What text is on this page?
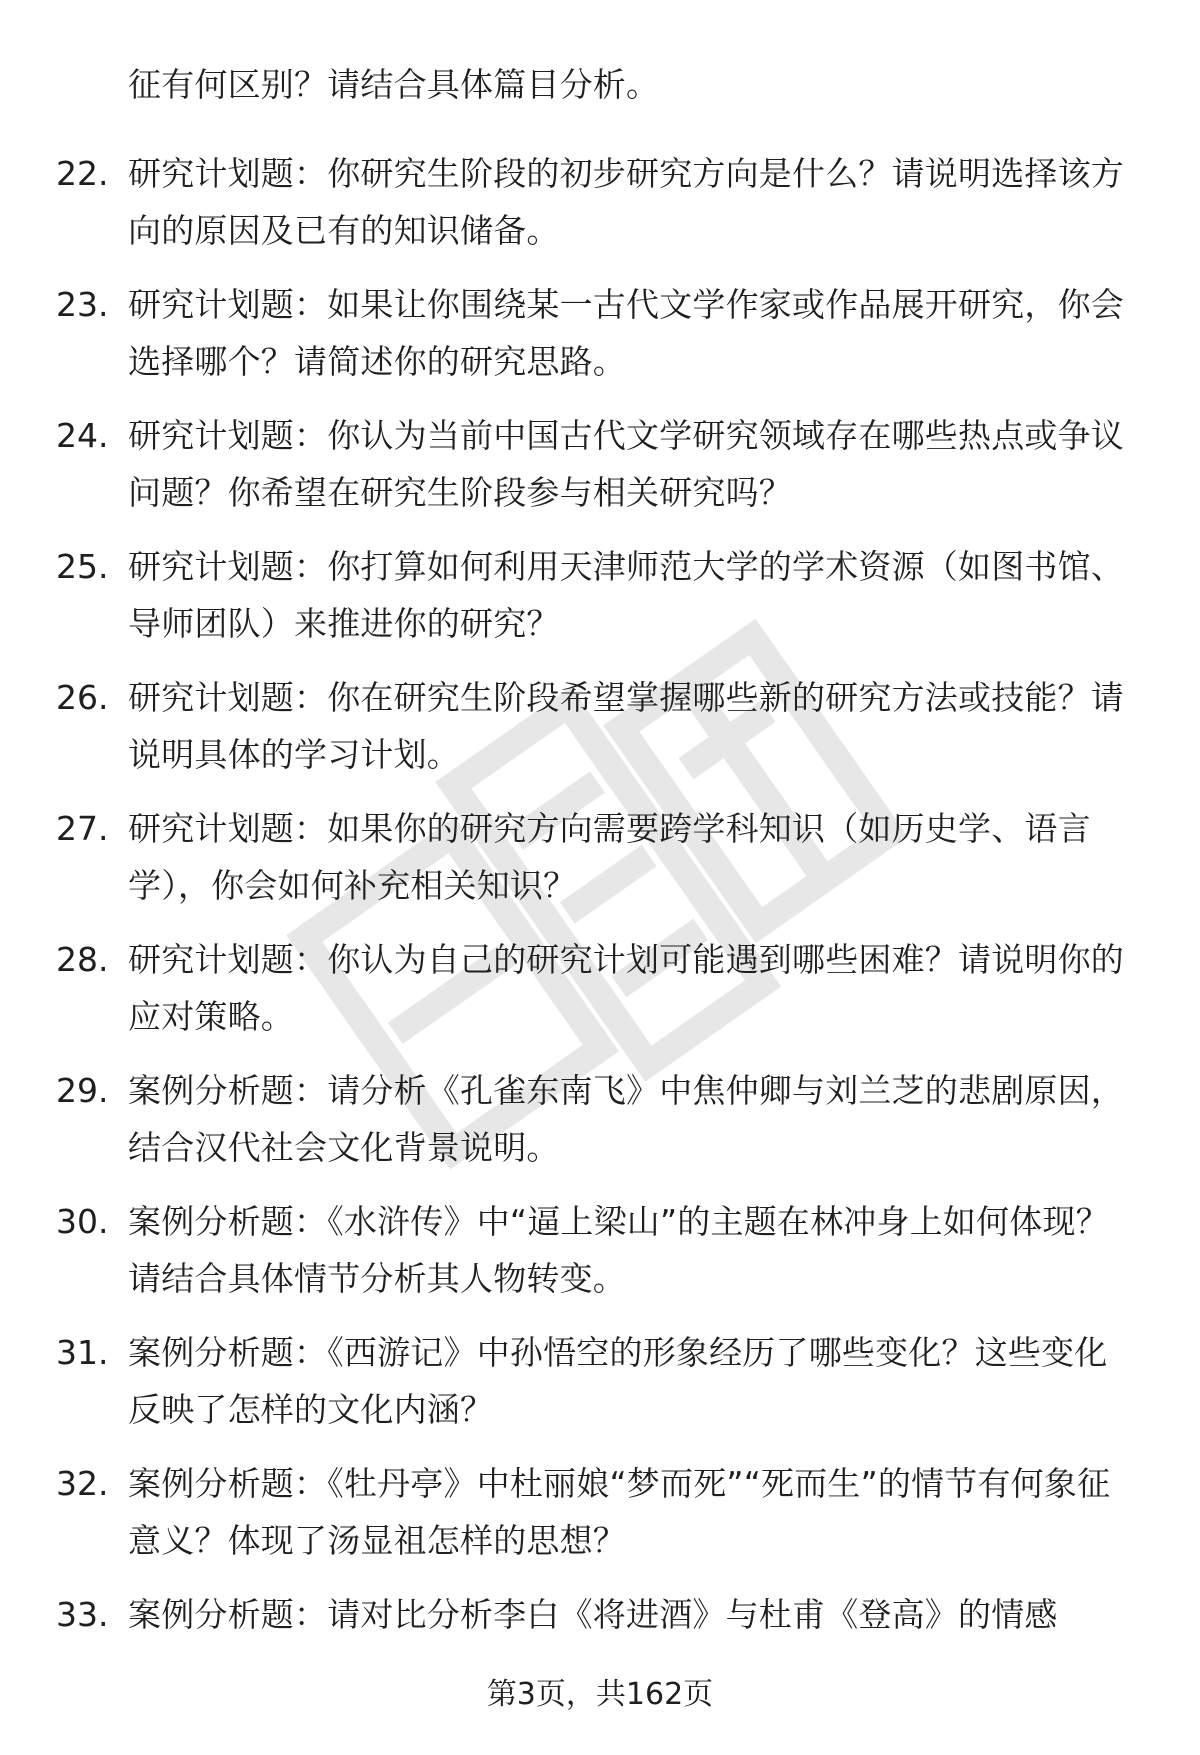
征有何区别？请结合具体篇目分析。
22. 研究计划题：你研究生阶段的初步研究方向是什么？请说明选择该方向的原因及已有的知识储备。
23. 研究计划题：如果让你围绕某一古代文学作家或作品展开研究，你会选择哪个？请简述你的研究思路。
24. 研究计划题：你认为当前中国古代文学研究领域存在哪些热点或争议问题？你希望在研究生阶段参与相关研究吗？
25. 研究计划题：你打算如何利用天津师范大学的学术资源（如图书馆、导师团队）来推进你的研究？
26. 研究计划题：你在研究生阶段希望掌握哪些新的研究方法或技能？请说明具体的学习计划。
27. 研究计划题：如果你的研究方向需要跨学科知识（如历史学、语言学），你会如何补充相关知识？
28. 研究计划题：你认为自己的研究计划可能遇到哪些困难？请说明你的应对策略。
29. 案例分析题：请分析《孔雀东南飞》中焦仲卿与刘兰芝的悲剧原因，结合汉代社会文化背景说明。
30. 案例分析题：《水浒传》中“逼上梁山”的主题在林冲身上如何体现？请结合具体情节分析其人物转变。
31. 案例分析题：《西游记》中孙悟空的形象经历了哪些变化？这些变化反映了怎样的文化内涵？
32. 案例分析题：《牡丹亭》中杜丽娘“梦而死”“死而生”的情节有何象征意义？体现了汤显祖怎样的思想？
33. 案例分析题：请对比分析李白《将进酒》与杜甫《登高》的情感
第3页，共162页
